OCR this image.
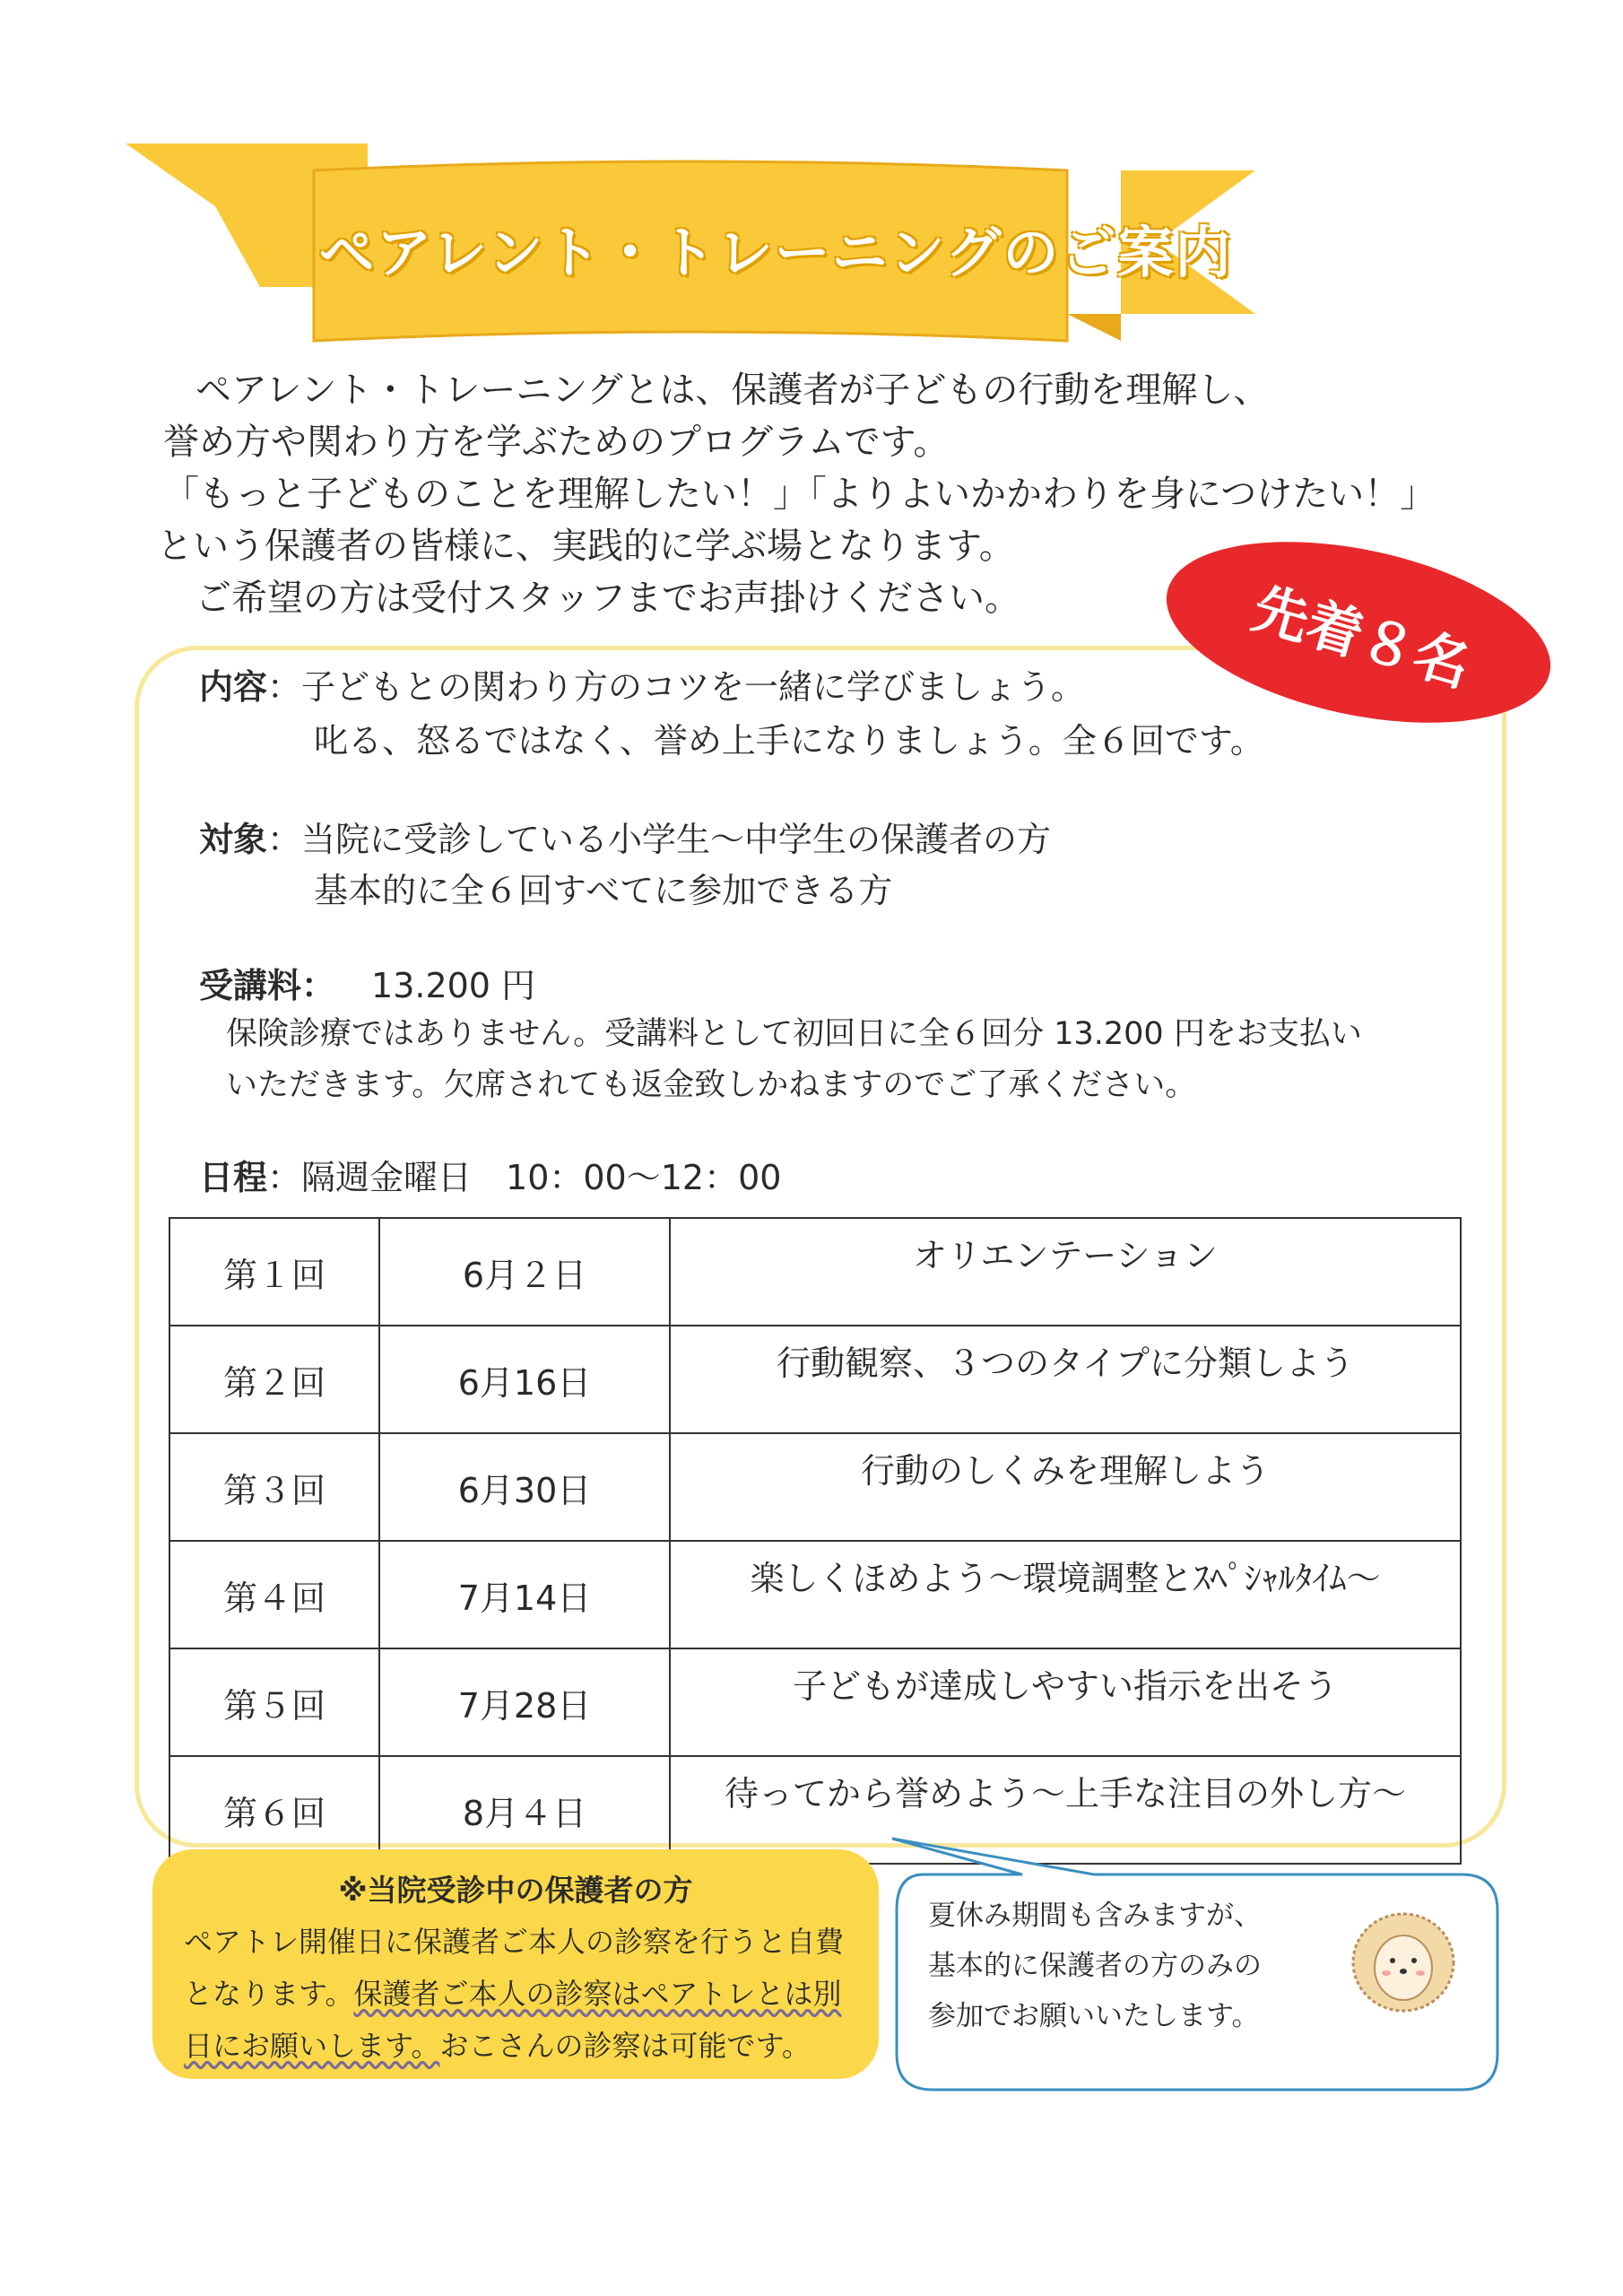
ペアレント・トレーニングのご案内
ペアレント・トレーニングとは、保護者が子どもの行動を理解し、
誉め方や関わり方を学ぶためのプログラムです。
「もっと子どものことを理解したい！」「よりよいかかわりを身につけたい！」
という保護者の皆様に、実践的に学ぶ場となります。
ご希望の方は受付スタッフまでお声掛けください。	先着８名
内容：子どもとの関わり方のコツを一緒に学びましょう。
叱る、怒るではなく、誉め上手になりましょう。全６回です。
対象：当院に受診している小学生～中学生の保護者の方
基本的に全６回すべてに参加できる方
受講料： 13.200 円
保険診療ではありません。受講料として初回日に全６回分 13.200 円をお支払い
いただきます。欠席されても返金致しかねますのでご了承ください。
日程：隔週金曜日　10：00～12：00
第１回	6月２日	オリエンテーション
第２回	6月16日	行動観察、３つのタイプに分類しよう
第３回	6月30日	行動のしくみを理解しよう
第４回	7月14日	楽しくほめよう～環境調整とｽﾍﾟｼｬﾙﾀｲﾑ～
第５回	7月28日	子どもが達成しやすい指示を出そう
第６回	8月４日	待ってから誉めよう～上手な注目の外し方～
※当院受診中の保護者の方
ペアトレ開催日に保護者ご本人の診察を行うと自費
となります。保護者ご本人の診察はペアトレとは別
日にお願いします。おこさんの診察は可能です。
夏休み期間も含みますが、
基本的に保護者の方のみの
参加でお願いいたします。
